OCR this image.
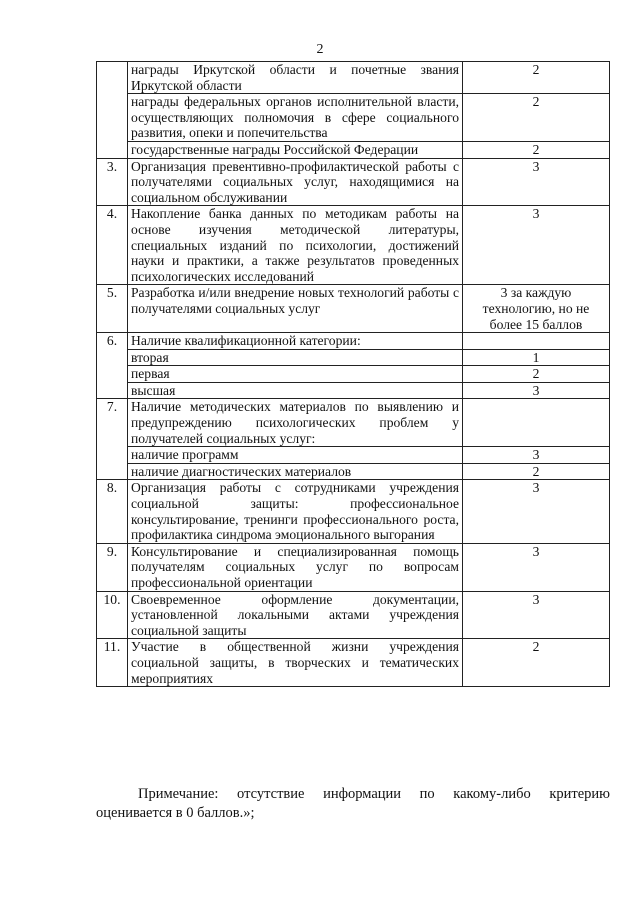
2
	награды Иркутской области и почетные звания Иркутской области	2
	награды федеральных органов исполнительной власти, осуществляющих полномочия в сфере социального развития, опеки и попечительства	2
	государственные награды Российской Федерации	2
3.	Организация превентивно-профилактической работы с получателями социальных услуг, находящимися на социальном обслуживании	3
4.	Накопление банка данных по методикам работы на основе изучения методической литературы, специальных изданий по психологии, достижений науки и практики, а также результатов проведенных психологических исследований	3
5.	Разработка и/или внедрение новых технологий работы с получателями социальных услуг	3 за каждую технологию, но не более 15 баллов
6.	Наличие квалификационной категории:	
	вторая	1
	первая	2
	высшая	3
7.	Наличие методических материалов по выявлению и предупреждению психологических проблем у получателей социальных услуг:	
	наличие программ	3
	наличие диагностических материалов	2
8.	Организация работы с сотрудниками учреждения социальной защиты: профессиональное консультирование, тренинги профессионального роста, профилактика синдрома эмоционального выгорания	3
9.	Консультирование и специализированная помощь получателям социальных услуг по вопросам профессиональной ориентации	3
10.	Своевременное оформление документации, установленной локальными актами учреждения социальной защиты	3
11.	Участие в общественной жизни учреждения социальной защиты, в творческих и тематических мероприятиях	2
Примечание: отсутствие информации по какому-либо критерию
оценивается в 0 баллов.»;
